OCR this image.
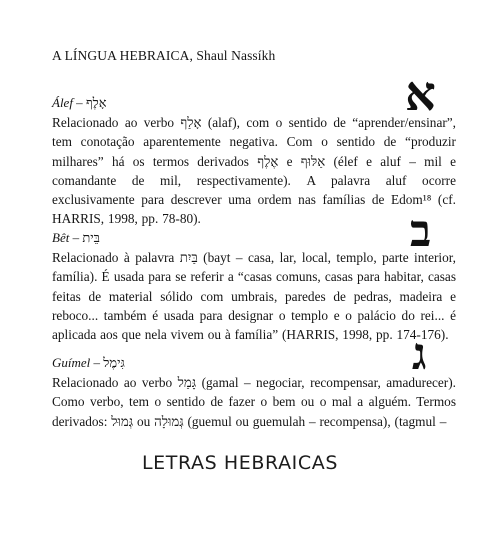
A LÍNGUA HEBRAICA, Shaul Nassíkh
א
Álef – אָלֶף
Relacionado ao verbo אָלַף (alaf), com o sentido de “aprender/ensinar”, tem conotação aparentemente negativa. Com o sentido de “produzir milhares” há os termos derivados אֶלֶף e אַלּוּף (élef e aluf – mil e comandante de mil, respectivamente). A palavra aluf ocorre exclusivamente para descrever uma ordem nas famílias de Edom¹⁸ (cf. HARRIS, 1998, pp. 78-80).	ב
Bêt – בֵּית
Relacionado à palavra בַּיִת (bayt – casa, lar, local, templo, parte interior, família). É usada para se referir a “casas comuns, casas para habitar, casas feitas de material sólido com umbrais, paredes de pedras, madeira e reboco... também é usada para designar o templo e o palácio do rei... é aplicada aos que nela vivem ou à família” (HARRIS, 1998, pp. 174-176).
ג
Guímel – גִּימֶל
Relacionado ao verbo גָּמַל (gamal – negociar, recompensar, amadurecer). Como verbo, tem o sentido de fazer o bem ou o mal a alguém. Termos derivados: גְּמוּל ou גְּמוּלָה (guemul ou guemulah – recompensa), (tagmul –
LETRAS HEBRAICAS
